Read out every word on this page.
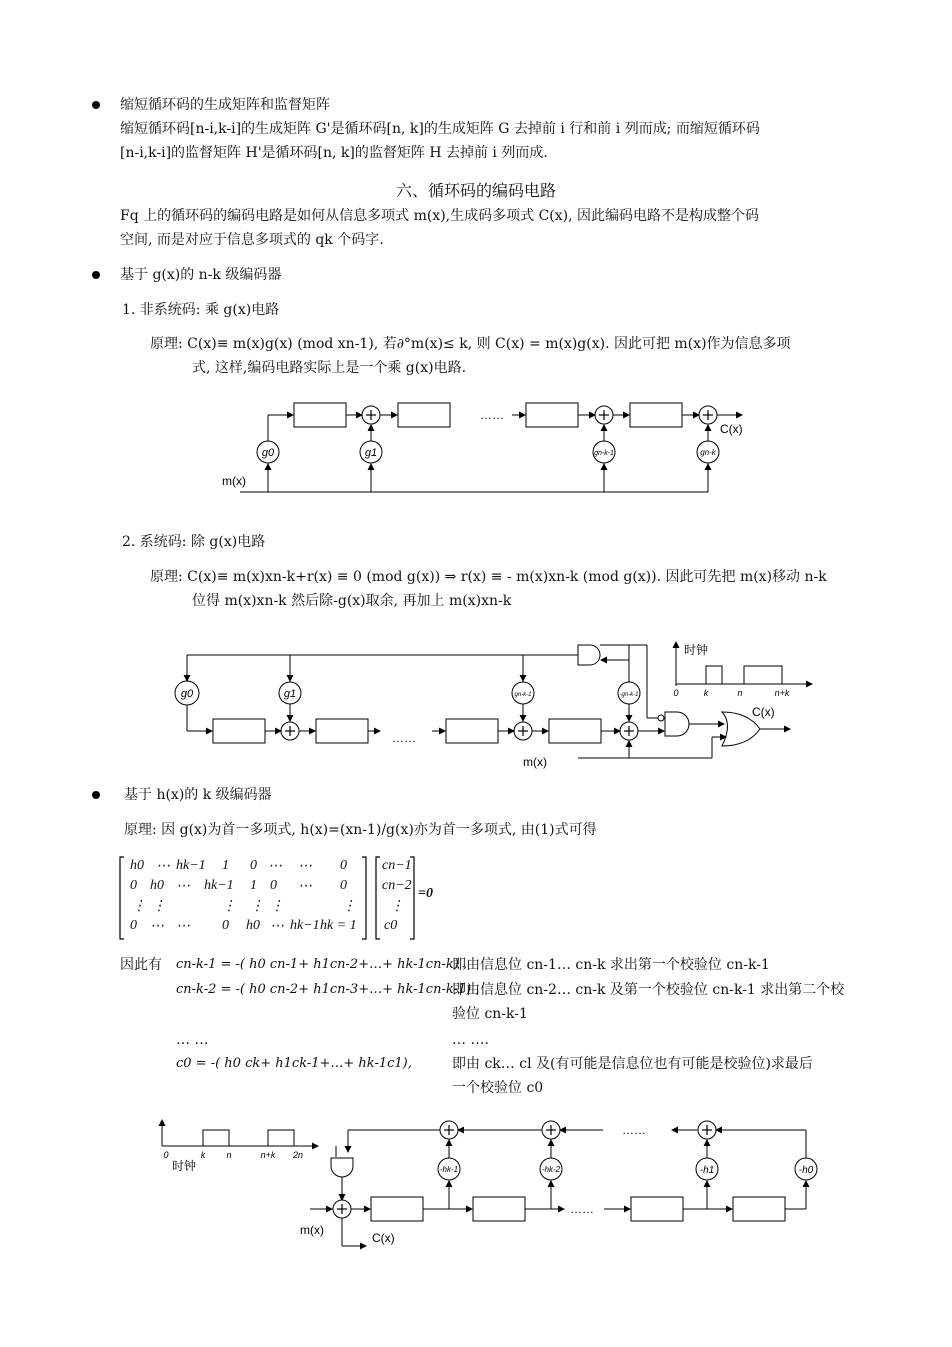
缩短循环码的生成矩阵和监督矩阵
缩短循环码[n-i,k-i]的生成矩阵 G'是循环码[n, k]的生成矩阵 G 去掉前 i 行和前 i 列而成; 而缩短循环码
[n-i,k-i]的监督矩阵 H'是循环码[n, k]的监督矩阵 H 去掉前 i 列而成.
六、循环码的编码电路
Fq 上的循环码的编码电路是如何从信息多项式 m(x),生成码多项式 C(x), 因此编码电路不是构成整个码
空间, 而是对应于信息多项式的 qk 个码字.
基于 g(x)的 n-k 级编码器
1. 非系统码: 乘 g(x)电路
原理: C(x)≡ m(x)g(x) (mod xn-1), 若∂°m(x)≤ k, 则 C(x) = m(x)g(x). 因此可把 m(x)作为信息多项
式, 这样,编码电路实际上是一个乘 g(x)电路.
……
g0	g1	gn-k-1	gn-k
C(x)
m(x)
……
g0	g1	gn-k-1	-gn-k-1
C(x)
m(x)
时钟
0	k	n	n+k
……
……
-hk-1	-hk-2	-h1	-h0
m(x)
C(x)
时钟
0	k n	n+k 2n
2. 系统码: 除 g(x)电路
原理: C(x)≡ m(x)xn-k+r(x) ≡ 0 (mod g(x)) ⇒ r(x) ≡ - m(x)xn-k (mod g(x)). 因此可先把 m(x)移动 n-k
位得 m(x)xn-k 然后除-g(x)取余, 再加上 m(x)xn-k
基于 h(x)的 k 级编码器
原理: 因 g(x)为首一多项式, h(x)=(xn-1)/g(x)亦为首一多项式, 由(1)式可得
h0 ⋯ hk−1 1 0 ⋯ ⋯ 0
0 h0 ⋯ hk−1 1 0 ⋯ 0
⋮ ⋮	⋮ ⋮ ⋮	⋮
0 ⋯ ⋯ 0 h0 ⋯ hk−1 hk = 1
cn−1
cn−2
⋮
c0
=0
因此有 cn-k-1 = -( h0 cn-1+ h1cn-2+…+ hk-1cn-k) ,
即由信息位 cn-1… cn-k 求出第一个校验位 cn-k-1
cn-k-2 = -( h0 cn-2+ h1cn-3+…+ hk-1cn-k-1) ,
即由信息位 cn-2… cn-k 及第一个校验位 cn-k-1 求出第二个校
验位 cn-k-1
… …	… ….
c0 = -( h0 ck+ h1ck-1+…+ hk-1c1),	即由 ck… cl 及(有可能是信息位也有可能是校验位)求最后
一个校验位 c0
